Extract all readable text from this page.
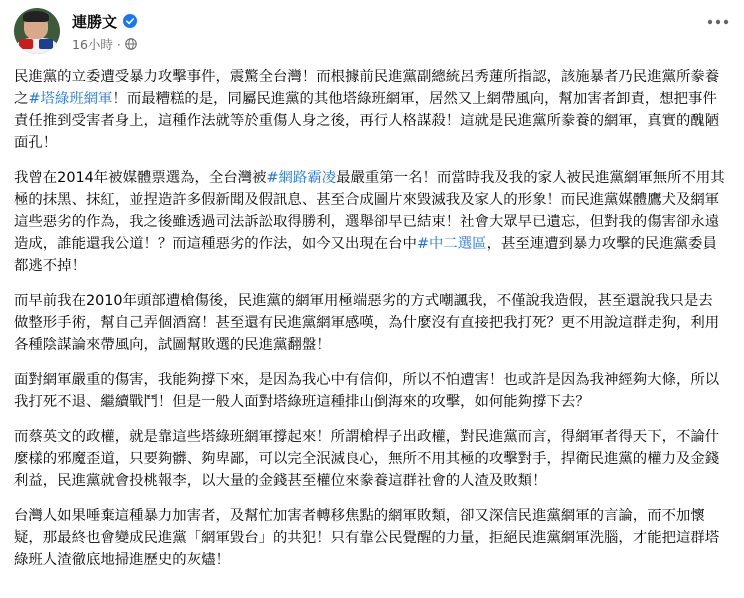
連勝文
16小時 ·

民進黨的立委遭受暴力攻擊事件，震驚全台灣！而根據前民進黨副總統呂秀蓮所指認，該施暴者乃民進黨所豢養之#塔綠班網軍！而最糟糕的是，同屬民進黨的其他塔綠班網軍，居然又上網帶風向，幫加害者卸責，想把事件責任推到受害者身上，這種作法就等於重傷人身之後，再行人格謀殺！這就是民進黨所豢養的網軍，真實的醜陋面孔！

我曾在2014年被媒體票選為，全台灣被#網路霸凌最嚴重第一名！而當時我及我的家人被民進黨網軍無所不用其極的抹黑、抹紅，並捏造許多假新聞及假訊息、甚至合成圖片來毀滅我及家人的形象！而民進黨媒體鷹犬及網軍這些惡劣的作為，我之後雖透過司法訴訟取得勝利，選舉卻早已結束！社會大眾早已遺忘，但對我的傷害卻永遠造成，誰能還我公道！？而這種惡劣的作法，如今又出現在台中#中二選區，甚至連遭到暴力攻擊的民進黨委員都逃不掉！

而早前我在2010年頭部遭槍傷後，民進黨的網軍用極端惡劣的方式嘲諷我，不僅說我造假，甚至還說我只是去做整形手術，幫自己弄個酒窩！甚至還有民進黨網軍感嘆，為什麼沒有直接把我打死？更不用說這群走狗，利用各種陰謀論來帶風向，試圖幫敗選的民進黨翻盤！

面對網軍嚴重的傷害，我能夠撐下來，是因為我心中有信仰，所以不怕遭害！也或許是因為我神經夠大條，所以我打死不退、繼續戰鬥！但是一般人面對塔綠班這種排山倒海來的攻擊，如何能夠撐下去？

而蔡英文的政權，就是靠這些塔綠班網軍撐起來！所謂槍桿子出政權，對民進黨而言，得網軍者得天下，不論什麼樣的邪魔歪道，只要夠髒、夠卑鄙，可以完全泯滅良心，無所不用其極的攻擊對手，捍衛民進黨的權力及金錢利益，民進黨就會投桃報李，以大量的金錢甚至權位來豢養這群社會的人渣及敗類！

台灣人如果唾棄這種暴力加害者，及幫忙加害者轉移焦點的網軍敗類，卻又深信民進黨網軍的言論，而不加懷疑，那最終也會變成民進黨「網軍毀台」的共犯！只有靠公民覺醒的力量，拒絕民進黨網軍洗腦，才能把這群塔綠班人渣徹底地掃進歷史的灰燼！
